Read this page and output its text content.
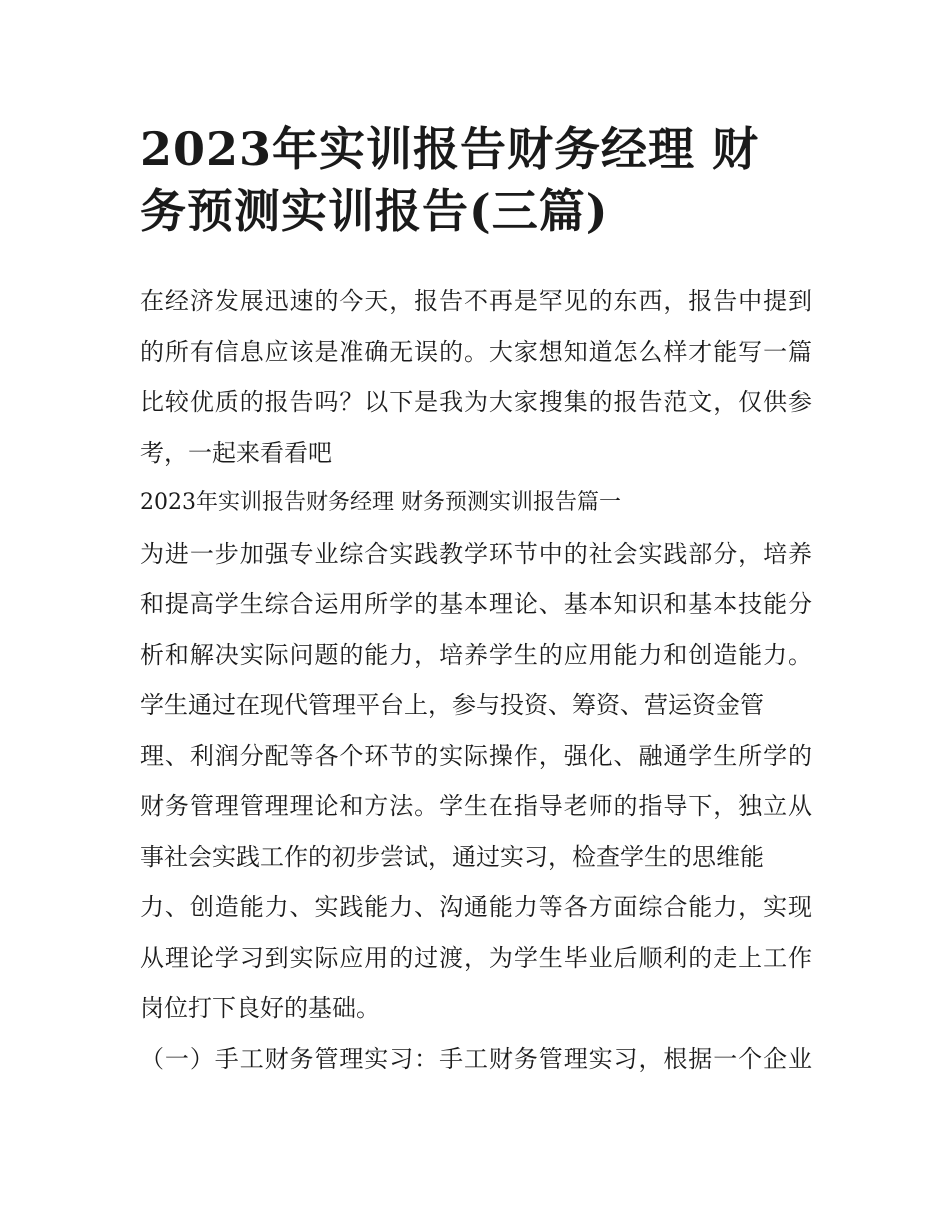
2023年实训报告财务经理 财
务预测实训报告(三篇)
在经济发展迅速的今天，报告不再是罕见的东西，报告中提到
的所有信息应该是准确无误的。大家想知道怎么样才能写一篇
比较优质的报告吗？以下是我为大家搜集的报告范文，仅供参
考，一起来看看吧
2023年实训报告财务经理 财务预测实训报告篇一
为进一步加强专业综合实践教学环节中的社会实践部分，培养
和提高学生综合运用所学的基本理论、基本知识和基本技能分
析和解决实际问题的能力，培养学生的应用能力和创造能力。
学生通过在现代管理平台上，参与投资、筹资、营运资金管
理、利润分配等各个环节的实际操作，强化、融通学生所学的
财务管理管理理论和方法。学生在指导老师的指导下，独立从
事社会实践工作的初步尝试，通过实习，检查学生的思维能
力、创造能力、实践能力、沟通能力等各方面综合能力，实现
从理论学习到实际应用的过渡，为学生毕业后顺利的走上工作
岗位打下良好的基础。
（一）手工财务管理实习：手工财务管理实习，根据一个企业
